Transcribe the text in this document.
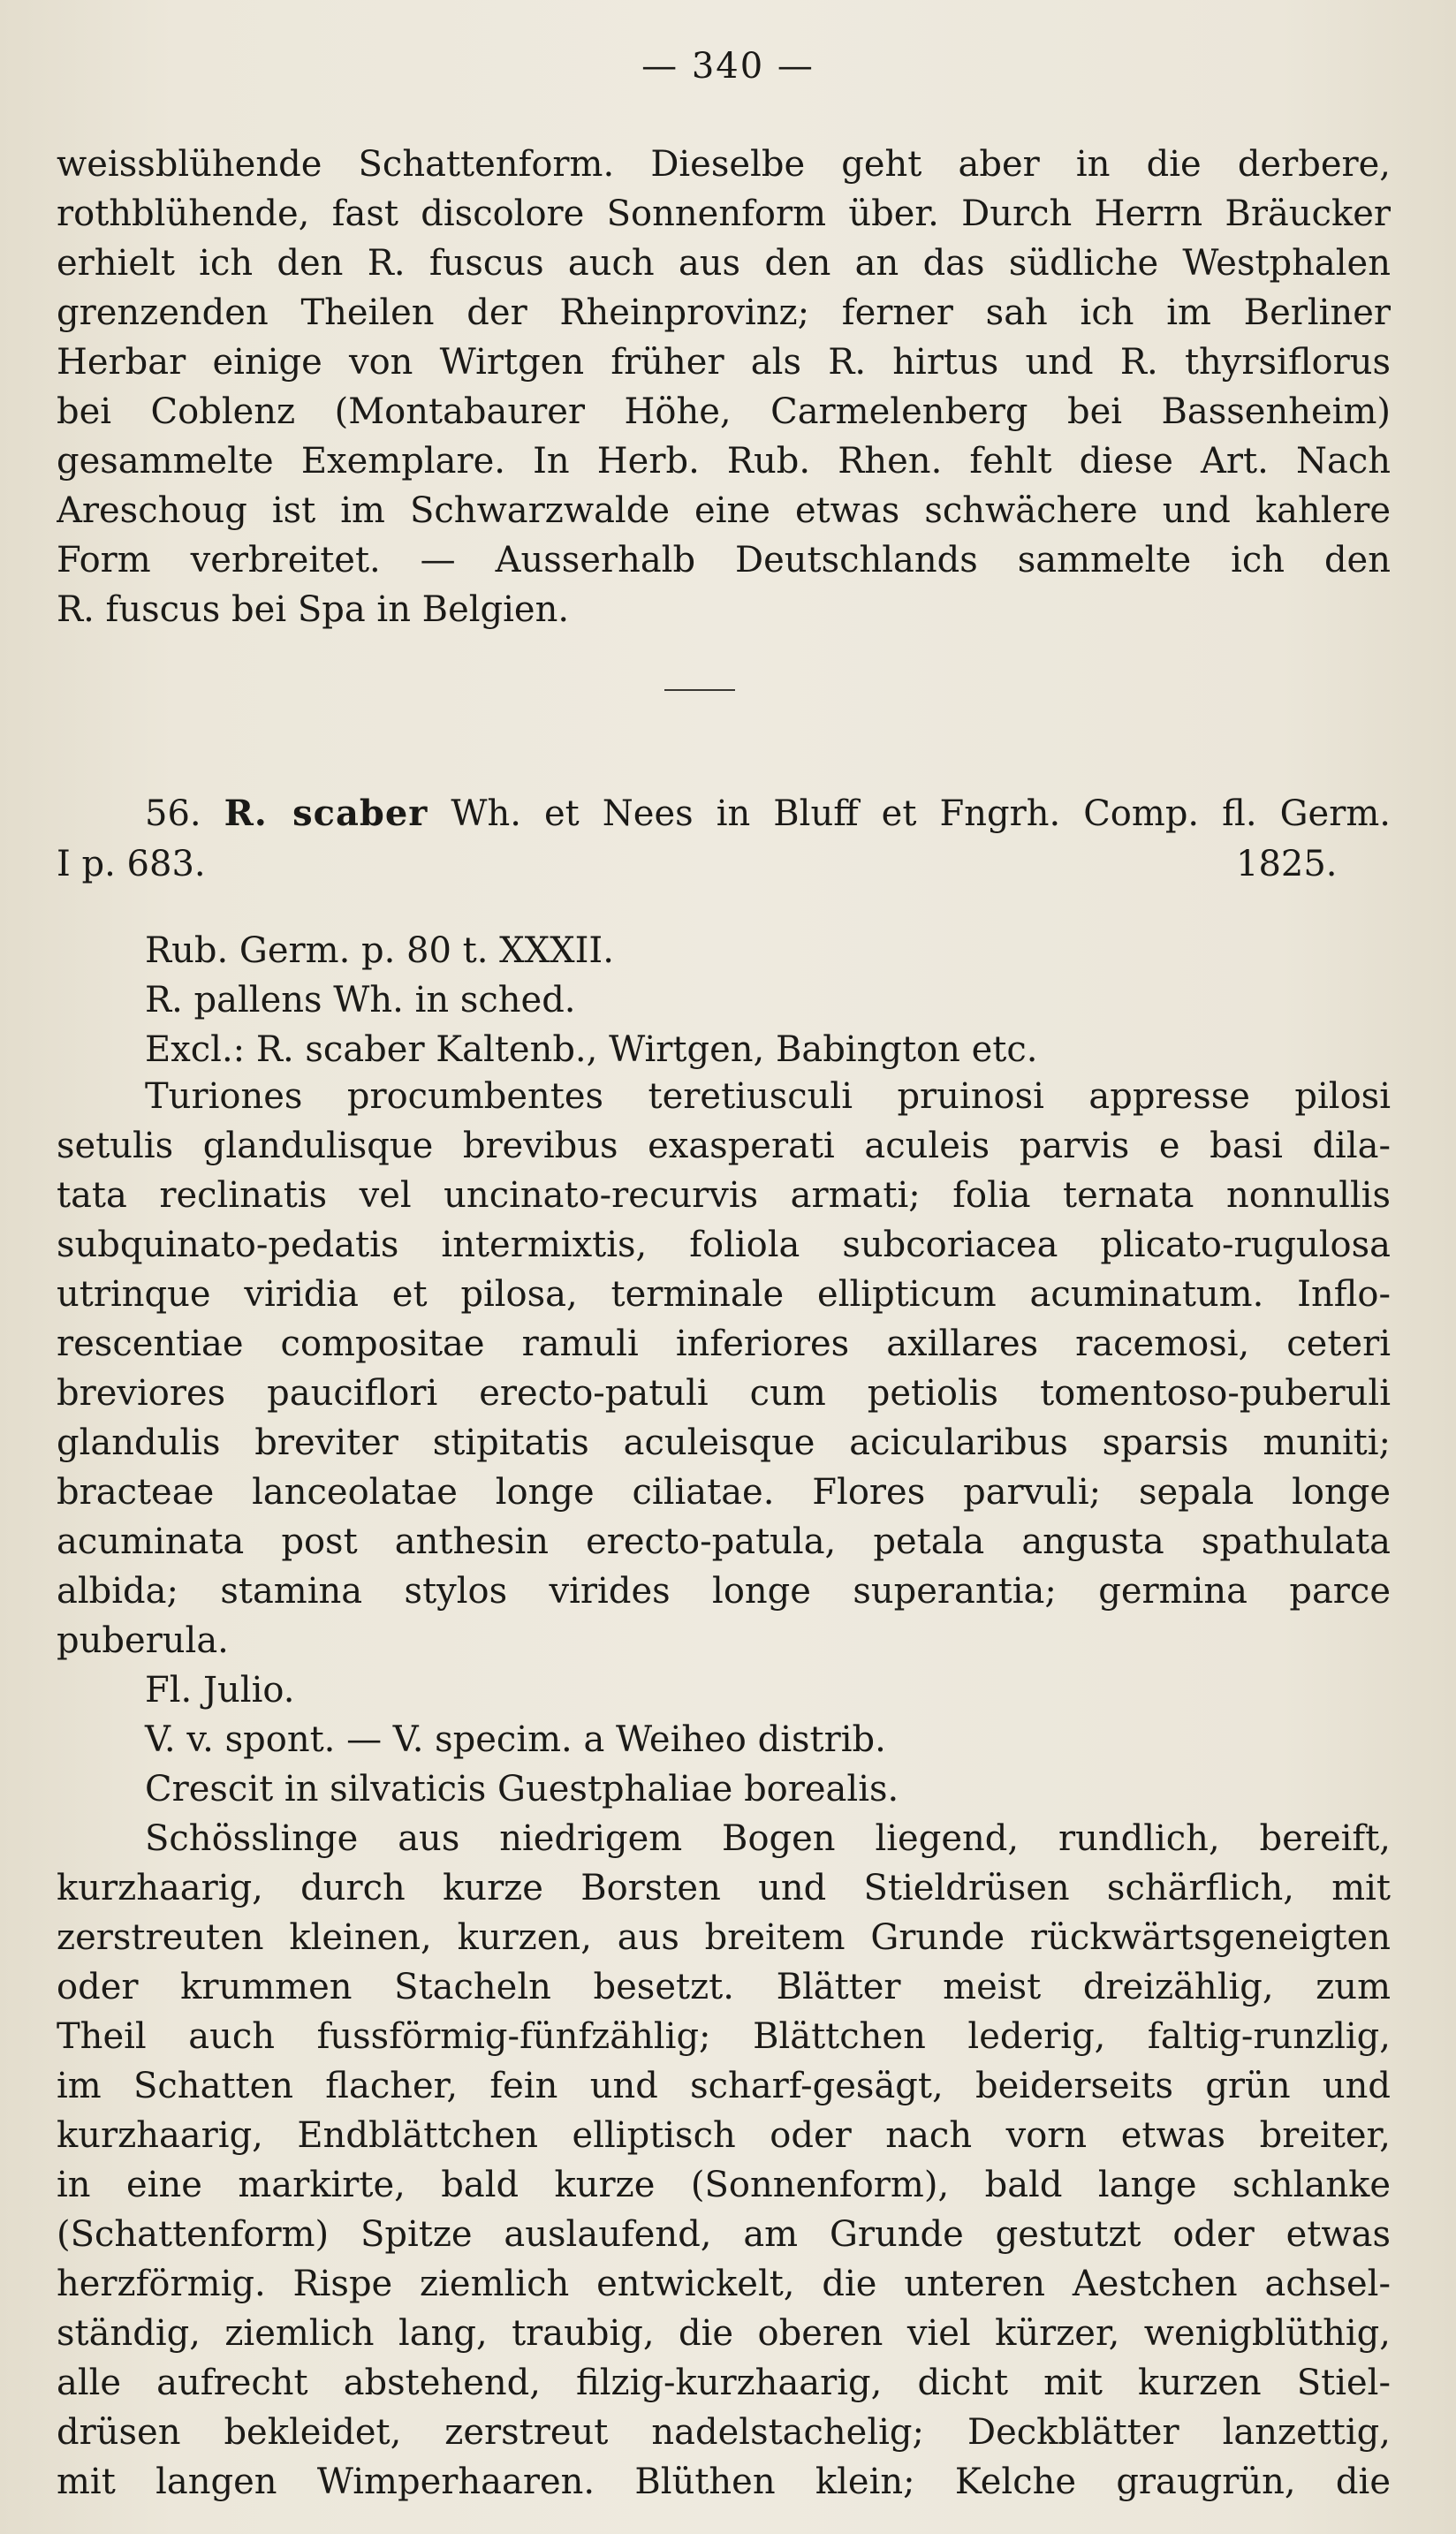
— 340 —
weissblühende Schattenform. Dieselbe geht aber in die derbere,
rothblühende, fast discolore Sonnenform über. Durch Herrn Bräucker
erhielt ich den R. fuscus auch aus den an das südliche Westphalen
grenzenden Theilen der Rheinprovinz; ferner sah ich im Berliner
Herbar einige von Wirtgen früher als R. hirtus und R. thyrsiflorus
bei Coblenz (Montabaurer Höhe, Carmelenberg bei Bassenheim)
gesammelte Exemplare. In Herb. Rub. Rhen. fehlt diese Art. Nach
Areschoug ist im Schwarzwalde eine etwas schwächere und kahlere
Form verbreitet. — Ausserhalb Deutschlands sammelte ich den
R. fuscus bei Spa in Belgien.
56. R. scaber Wh. et Nees in Bluff et Fngrh. Comp. fl. Germ.
I p. 683.	1825.
Rub. Germ. p. 80 t. XXXII.
R. pallens Wh. in sched.
Excl.: R. scaber Kaltenb., Wirtgen, Babington etc.
Turiones procumbentes teretiusculi pruinosi appresse pilosi
setulis glandulisque brevibus exasperati aculeis parvis e basi dila-
tata reclinatis vel uncinato-recurvis armati; folia ternata nonnullis
subquinato-pedatis intermixtis, foliola subcoriacea plicato-rugulosa
utrinque viridia et pilosa, terminale ellipticum acuminatum. Inflo-
rescentiae compositae ramuli inferiores axillares racemosi, ceteri
breviores pauciflori erecto-patuli cum petiolis tomentoso-puberuli
glandulis breviter stipitatis aculeisque acicularibus sparsis muniti;
bracteae lanceolatae longe ciliatae. Flores parvuli; sepala longe
acuminata post anthesin erecto-patula, petala angusta spathulata
albida; stamina stylos virides longe superantia; germina parce
puberula.
Fl. Julio.
V. v. spont. — V. specim. a Weiheo distrib.
Crescit in silvaticis Guestphaliae borealis.
Schösslinge aus niedrigem Bogen liegend, rundlich, bereift,
kurzhaarig, durch kurze Borsten und Stieldrüsen schärflich, mit
zerstreuten kleinen, kurzen, aus breitem Grunde rückwärtsgeneigten
oder krummen Stacheln besetzt. Blätter meist dreizählig, zum
Theil auch fussförmig-fünfzählig; Blättchen lederig, faltig-runzlig,
im Schatten flacher, fein und scharf-gesägt, beiderseits grün und
kurzhaarig, Endblättchen elliptisch oder nach vorn etwas breiter,
in eine markirte, bald kurze (Sonnenform), bald lange schlanke
(Schattenform) Spitze auslaufend, am Grunde gestutzt oder etwas
herzförmig. Rispe ziemlich entwickelt, die unteren Aestchen achsel-
ständig, ziemlich lang, traubig, die oberen viel kürzer, wenigblüthig,
alle aufrecht abstehend, filzig-kurzhaarig, dicht mit kurzen Stiel-
drüsen bekleidet, zerstreut nadelstachelig; Deckblätter lanzettig,
mit langen Wimperhaaren. Blüthen klein; Kelche graugrün, die
